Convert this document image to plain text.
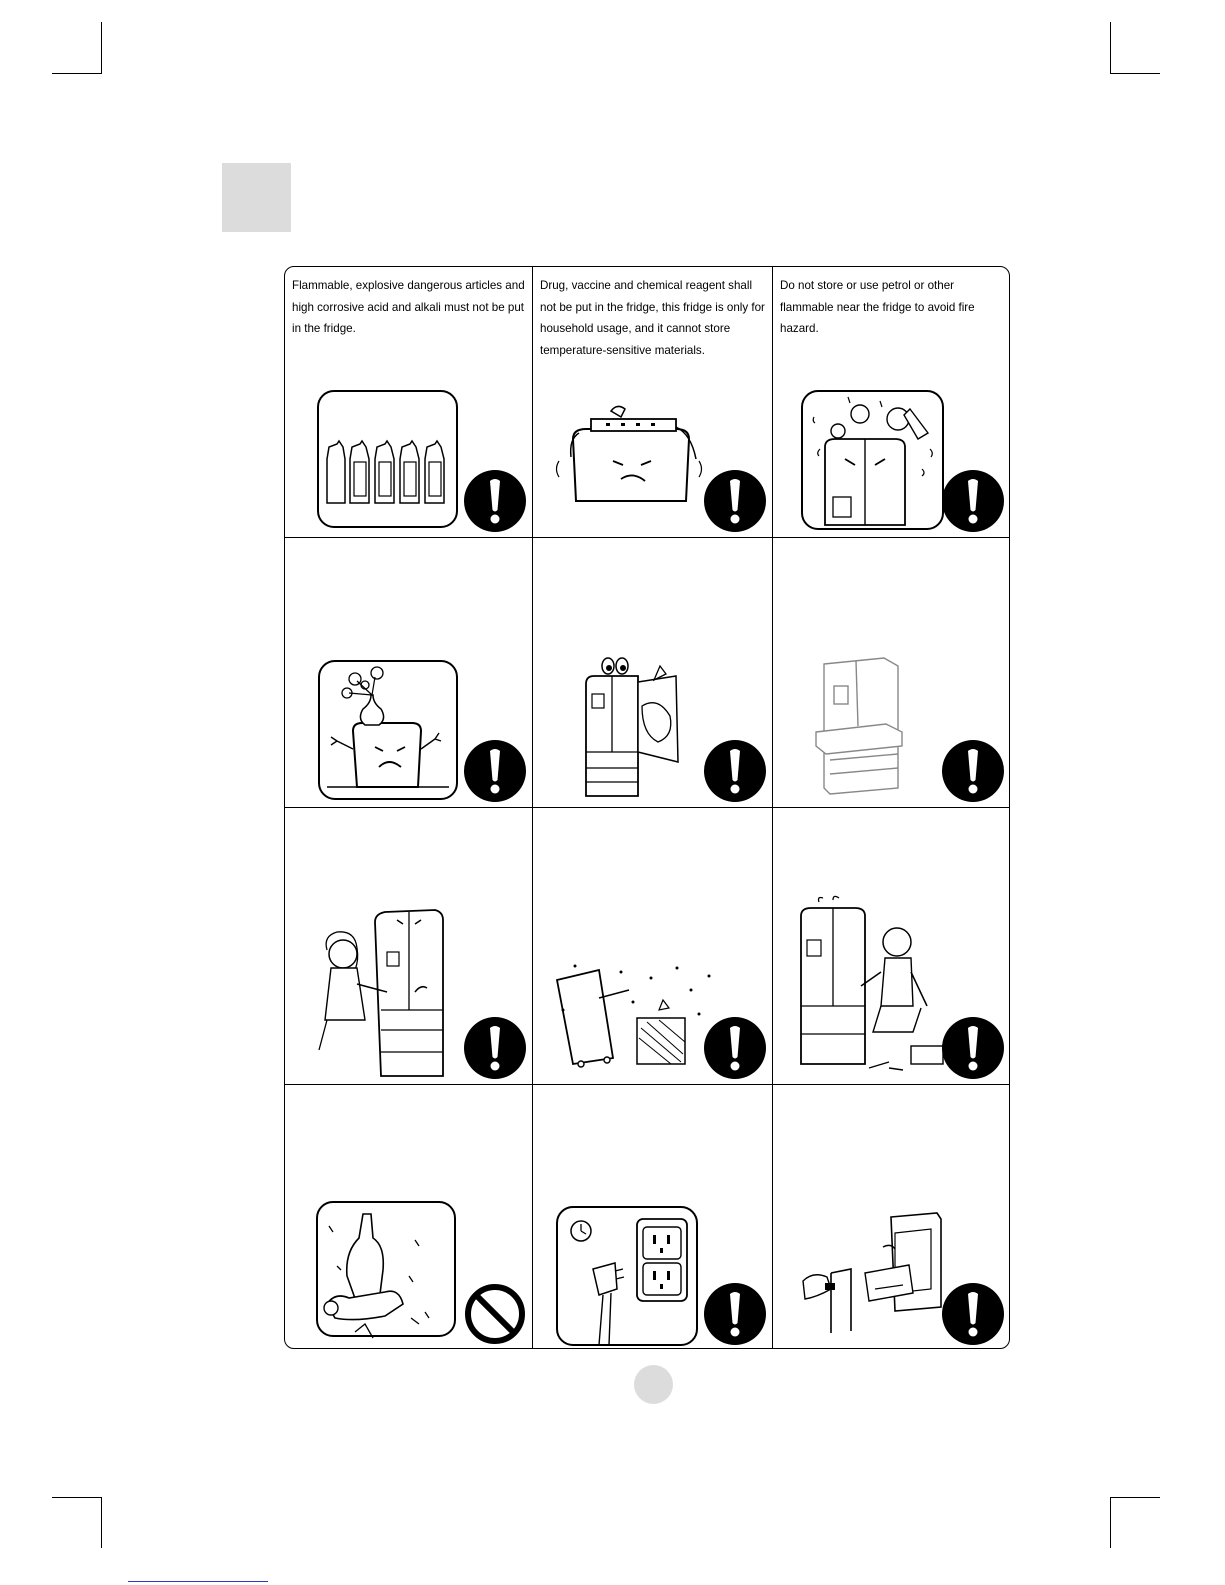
Flammable, explosive dangerous articles and high corrosive acid and alkali must not be put in the fridge.
Drug, vaccine and chemical reagent shall not be put in the fridge, this fridge is only for household usage, and it cannot store temperature-sensitive materials.
Do not store or use petrol or other flammable near the fridge to avoid fire hazard.
